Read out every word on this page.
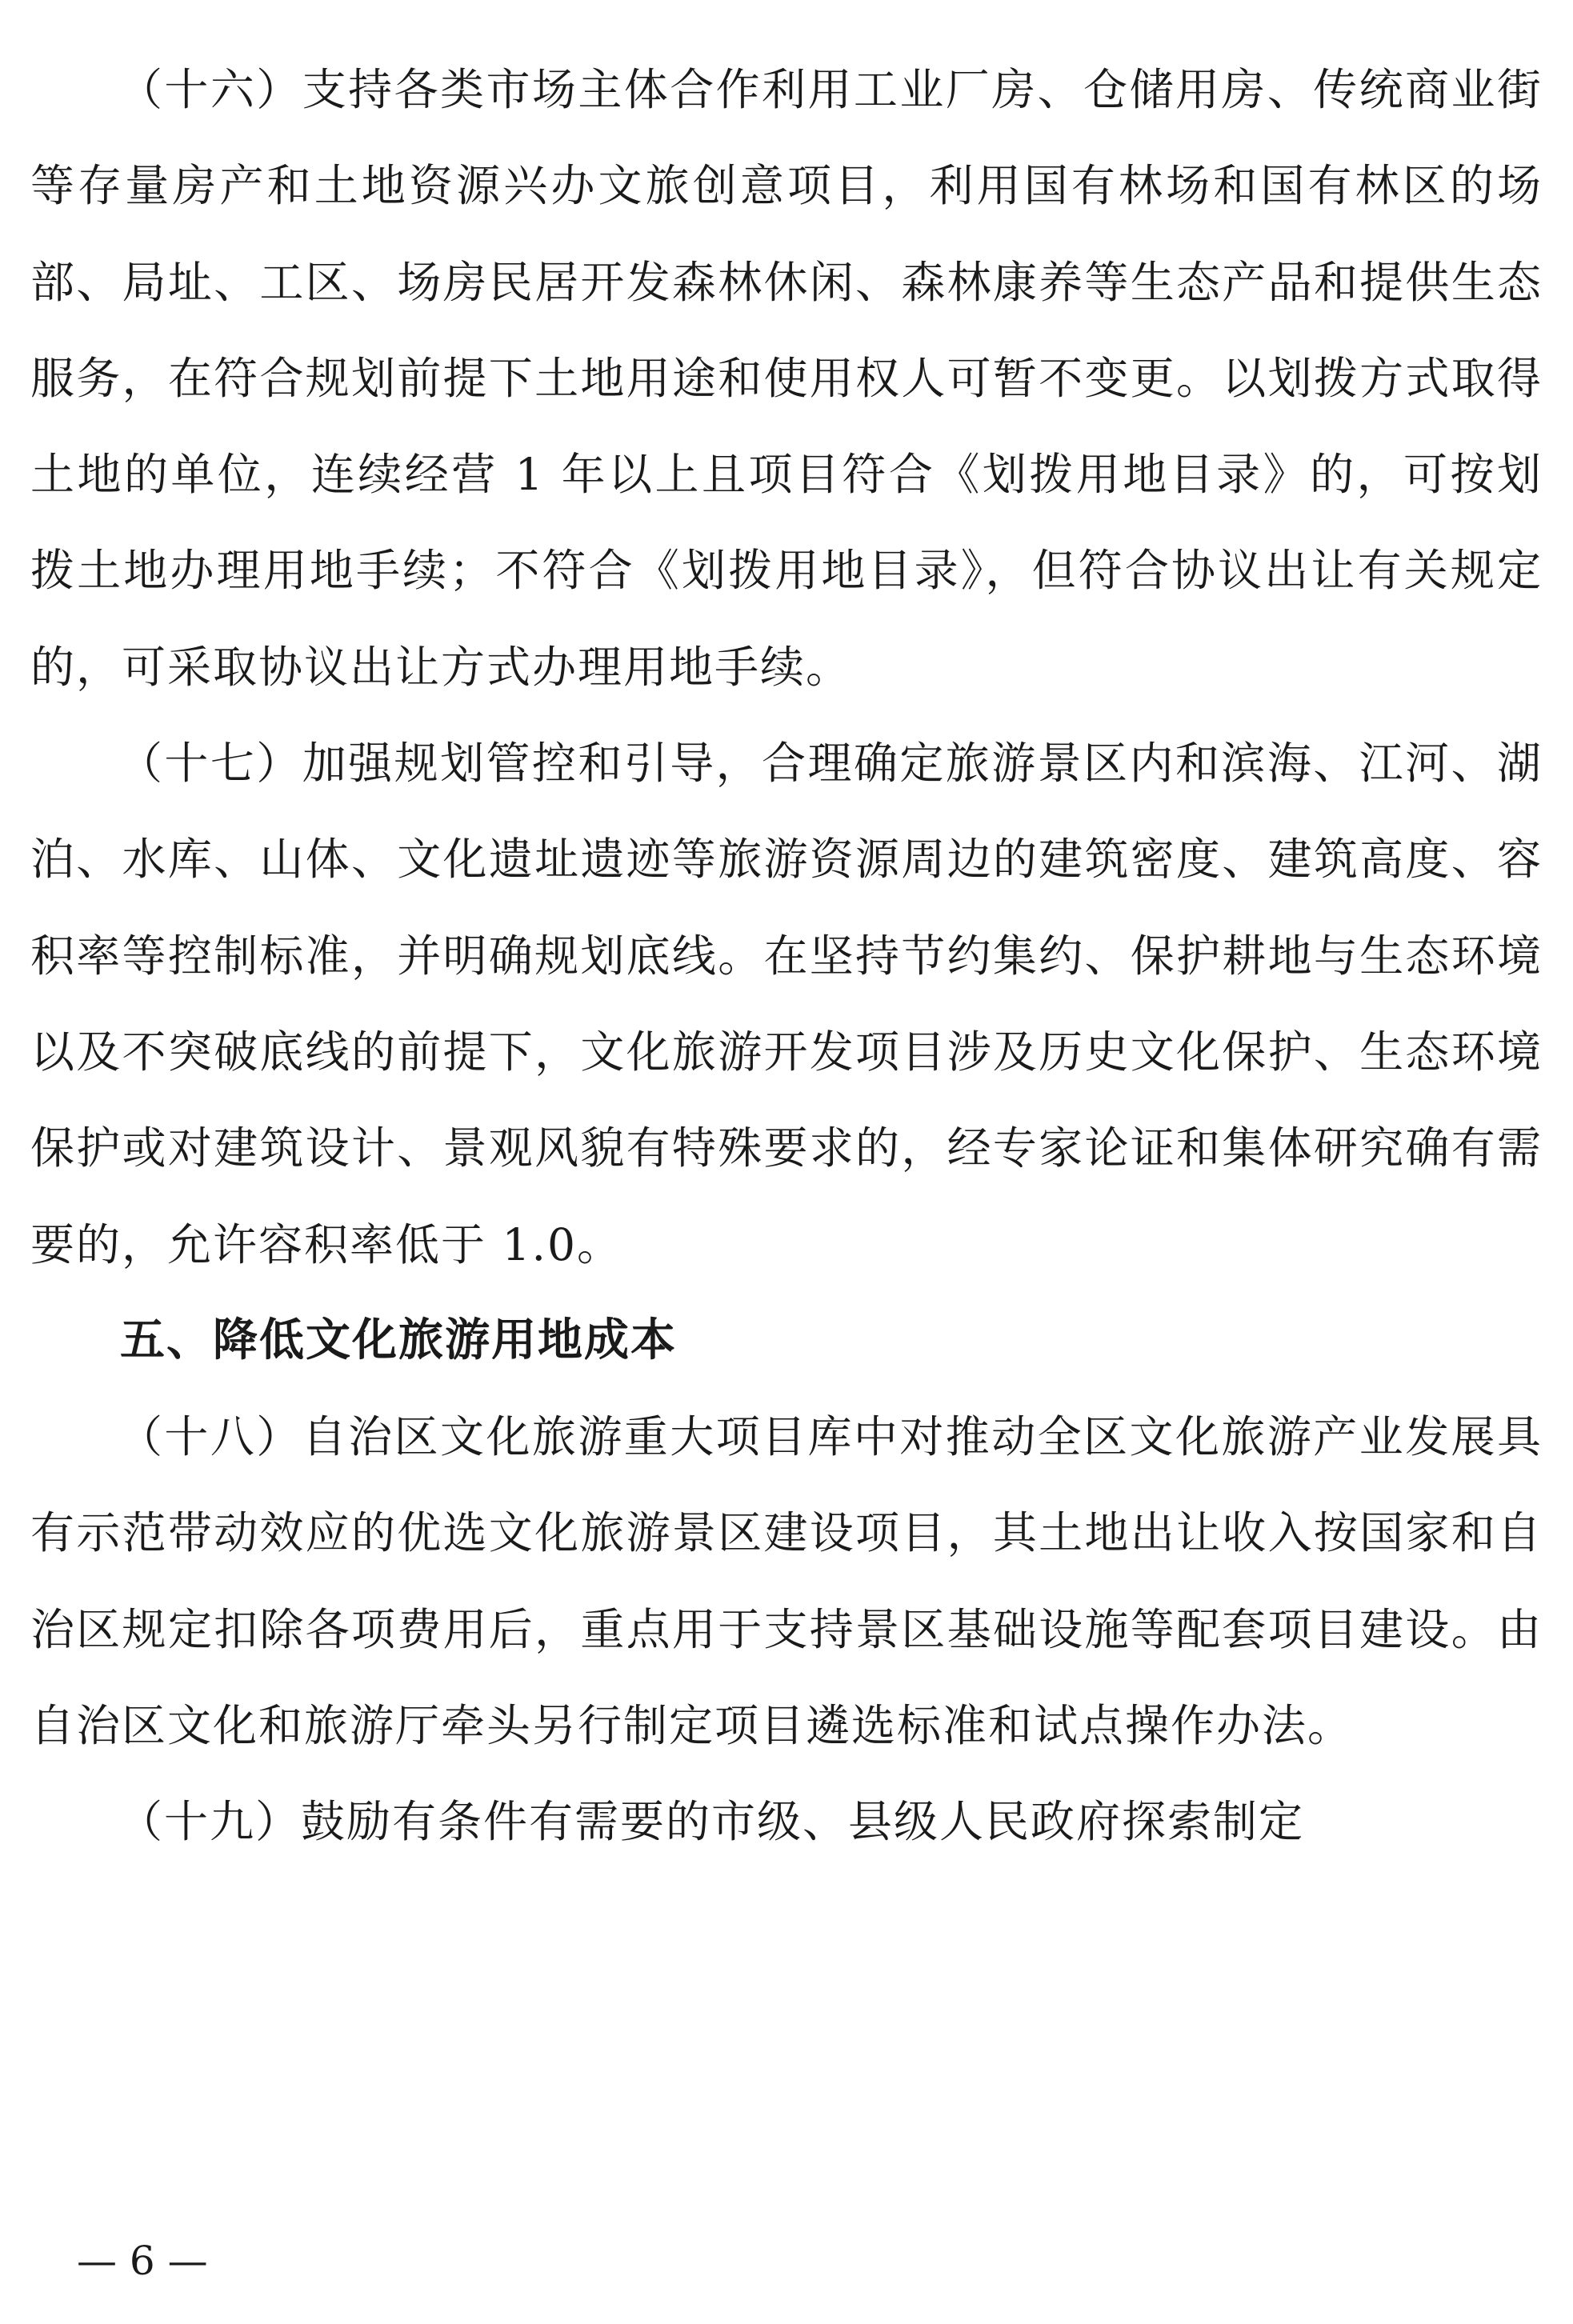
（十六）支持各类市场主体合作利用工业厂房、仓储用房、传统商业街等存量房产和土地资源兴办文旅创意项目，利用国有林场和国有林区的场部、局址、工区、场房民居开发森林休闲、森林康养等生态产品和提供生态服务，在符合规划前提下土地用途和使用权人可暂不变更。以划拨方式取得土地的单位，连续经营 1 年以上且项目符合《划拨用地目录》的，可按划拨土地办理用地手续；不符合《划拨用地目录》，但符合协议出让有关规定的，可采取协议出让方式办理用地手续。

（十七）加强规划管控和引导，合理确定旅游景区内和滨海、江河、湖泊、水库、山体、文化遗址遗迹等旅游资源周边的建筑密度、建筑高度、容积率等控制标准，并明确规划底线。在坚持节约集约、保护耕地与生态环境以及不突破底线的前提下，文化旅游开发项目涉及历史文化保护、生态环境保护或对建筑设计、景观风貌有特殊要求的，经专家论证和集体研究确有需要的，允许容积率低于 1.0。

五、降低文化旅游用地成本

（十八）自治区文化旅游重大项目库中对推动全区文化旅游产业发展具有示范带动效应的优选文化旅游景区建设项目，其土地出让收入按国家和自治区规定扣除各项费用后，重点用于支持景区基础设施等配套项目建设。由自治区文化和旅游厅牵头另行制定项目遴选标准和试点操作办法。

（十九）鼓励有条件有需要的市级、县级人民政府探索制定

— 6 —
